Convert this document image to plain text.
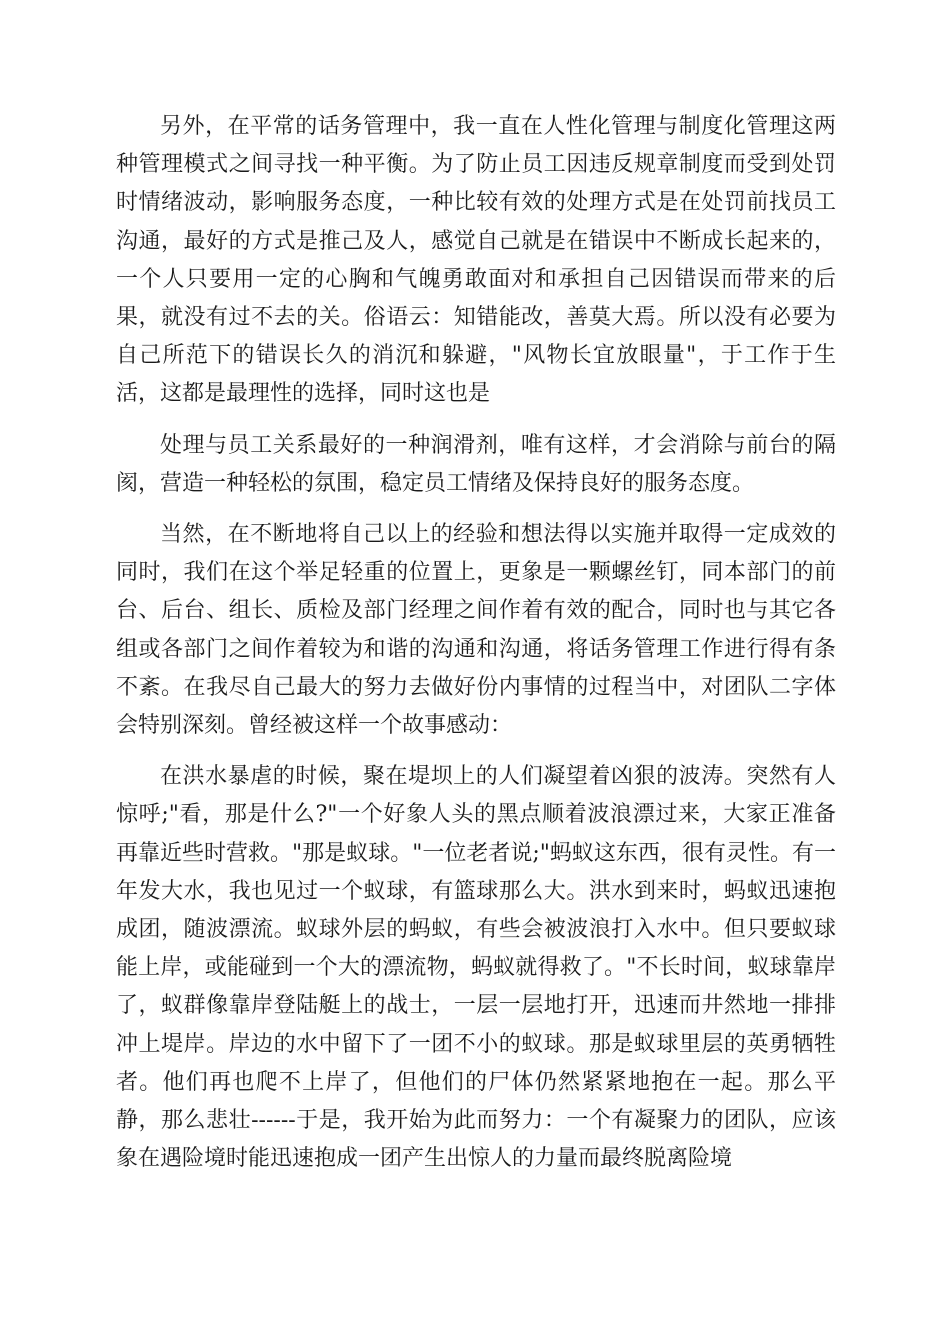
另外，在平常的话务管理中，我一直在人性化管理与制度化管理这两种管理模式之间寻找一种平衡。为了防止员工因违反规章制度而受到处罚时情绪波动，影响服务态度，一种比较有效的处理方式是在处罚前找员工沟通，最好的方式是推己及人，感觉自己就是在错误中不断成长起来的，一个人只要用一定的心胸和气魄勇敢面对和承担自己因错误而带来的后果，就没有过不去的关。俗语云：知错能改，善莫大焉。所以没有必要为自己所范下的错误长久的消沉和躲避，"风物长宜放眼量"，于工作于生活，这都是最理性的选择，同时这也是

处理与员工关系最好的一种润滑剂，唯有这样，才会消除与前台的隔阂，营造一种轻松的氛围，稳定员工情绪及保持良好的服务态度。

当然，在不断地将自己以上的经验和想法得以实施并取得一定成效的同时，我们在这个举足轻重的位置上，更象是一颗螺丝钉，同本部门的前台、后台、组长、质检及部门经理之间作着有效的配合，同时也与其它各组或各部门之间作着较为和谐的沟通和沟通，将话务管理工作进行得有条不紊。在我尽自己最大的努力去做好份内事情的过程当中，对团队二字体会特别深刻。曾经被这样一个故事感动：

在洪水暴虐的时候，聚在堤坝上的人们凝望着凶狠的波涛。突然有人惊呼;"看，那是什么?"一个好象人头的黑点顺着波浪漂过来，大家正准备再靠近些时营救。"那是蚁球。"一位老者说;"蚂蚁这东西，很有灵性。有一年发大水，我也见过一个蚁球，有篮球那么大。洪水到来时，蚂蚁迅速抱成团，随波漂流。蚁球外层的蚂蚁，有些会被波浪打入水中。但只要蚁球能上岸，或能碰到一个大的漂流物，蚂蚁就得救了。"不长时间，蚁球靠岸了，蚁群像靠岸登陆艇上的战士，一层一层地打开，迅速而井然地一排排冲上堤岸。岸边的水中留下了一团不小的蚁球。那是蚁球里层的英勇牺牲者。他们再也爬不上岸了，但他们的尸体仍然紧紧地抱在一起。那么平静，那么悲壮------于是，我开始为此而努力：一个有凝聚力的团队，应该象在遇险境时能迅速抱成一团产生出惊人的力量而最终脱离险境
